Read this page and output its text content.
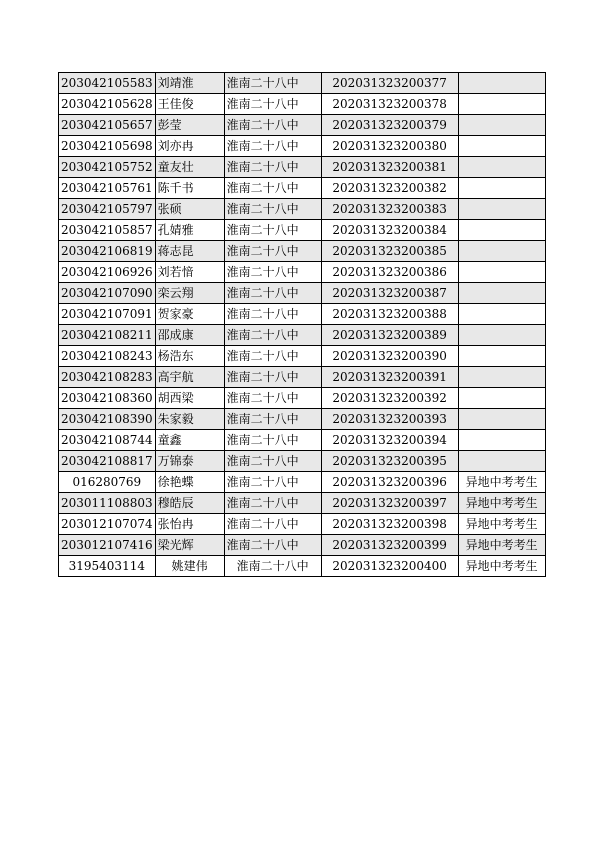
203042105583	刘靖淮	淮南二十八中	202031323200377	
203042105628	王佳俊	淮南二十八中	202031323200378	
203042105657	彭莹	淮南二十八中	202031323200379	
203042105698	刘亦冉	淮南二十八中	202031323200380	
203042105752	童友壮	淮南二十八中	202031323200381	
203042105761	陈千书	淮南二十八中	202031323200382	
203042105797	张硕	淮南二十八中	202031323200383	
203042105857	孔婧雅	淮南二十八中	202031323200384	
203042106819	蒋志昆	淮南二十八中	202031323200385	
203042106926	刘若愔	淮南二十八中	202031323200386	
203042107090	栾云翔	淮南二十八中	202031323200387	
203042107091	贺家豪	淮南二十八中	202031323200388	
203042108211	邵成康	淮南二十八中	202031323200389	
203042108243	杨浩东	淮南二十八中	202031323200390	
203042108283	高宇航	淮南二十八中	202031323200391	
203042108360	胡西梁	淮南二十八中	202031323200392	
203042108390	朱家毅	淮南二十八中	202031323200393	
203042108744	童鑫	淮南二十八中	202031323200394	
203042108817	万锦泰	淮南二十八中	202031323200395	
016280769	徐艳蝶	淮南二十八中	202031323200396	异地中考考生
203011108803	穆皓辰	淮南二十八中	202031323200397	异地中考考生
203012107074	张怡冉	淮南二十八中	202031323200398	异地中考考生
203012107416	梁光辉	淮南二十八中	202031323200399	异地中考考生
3195403114	姚建伟	淮南二十八中	202031323200400	异地中考考生
